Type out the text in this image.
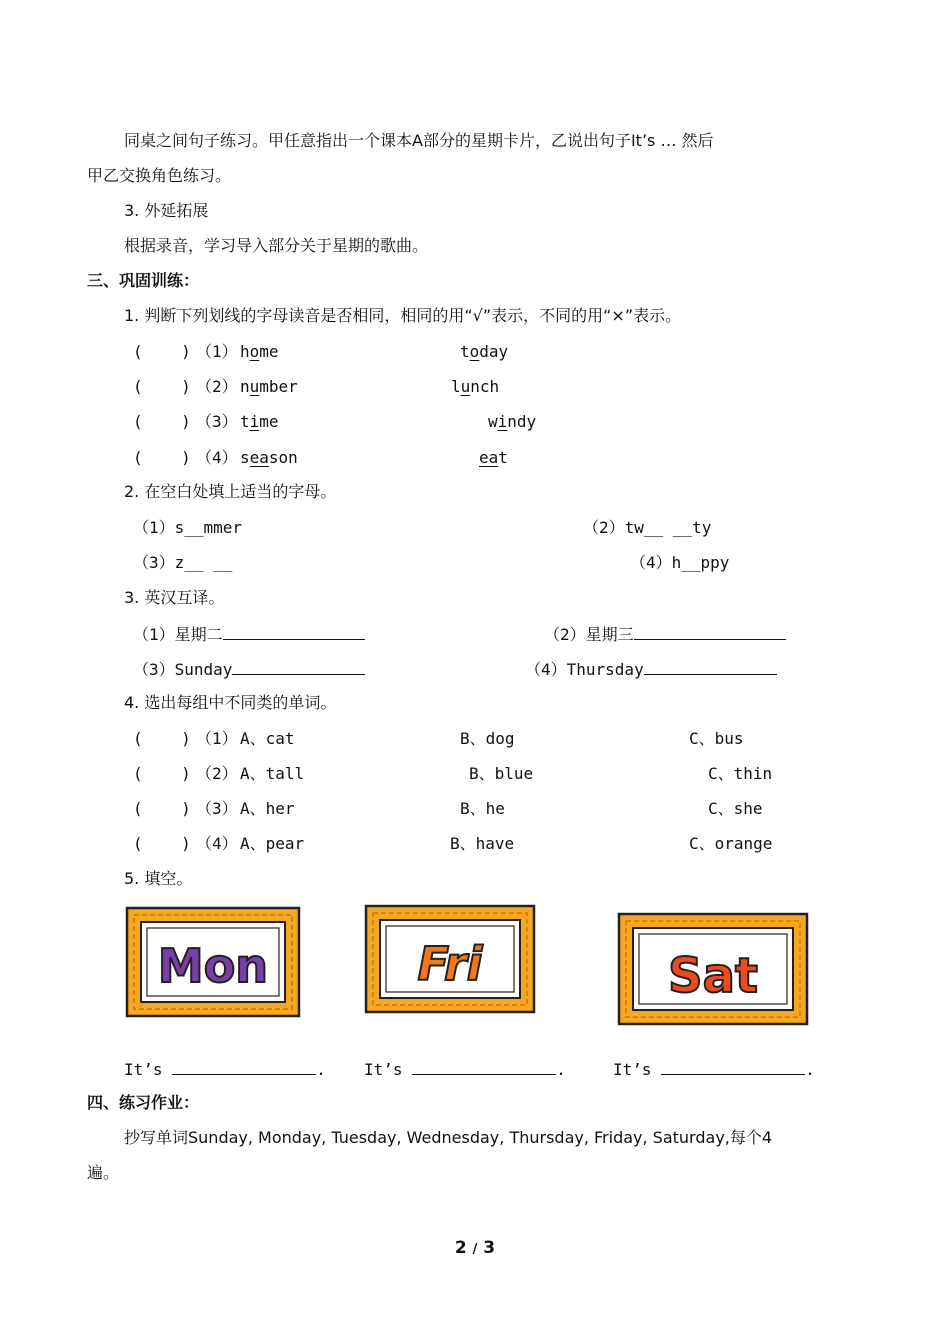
同桌之间句子练习。甲任意指出一个课本A部分的星期卡片，乙说出句子It’s … 然后
甲乙交换角色练习。
3. 外延拓展
根据录音，学习导入部分关于星期的歌曲。
三、巩固训练：
1. 判断下列划线的字母读音是否相同，相同的用“√”表示，不同的用“×”表示。
(    ) （1） home	today
(    ) （2） number	lunch
(    ) （3） time	windy
(    ) （4） season	eat
2. 在空白处填上适当的字母。
（1）s__mmer	（2）tw__ __ty
（3）z__ __	（4）h__ppy
3. 英汉互译。
（1）星期二	（2）星期三
（3）Sunday	（4）Thursday
4. 选出每组中不同类的单词。
(    ) （1） A、cat	B、dog	C、bus
(    ) （2） A、tall	B、blue	C、thin
(    ) （3） A、her	B、he	C、she
(    ) （4） A、pear	B、have	C、orange
5. 填空。
Mon	Fri	Sat
It’s	. It’s	.	It’s	.
四、练习作业：
抄写单词Sunday, Monday, Tuesday, Wednesday, Thursday, Friday, Saturday,每个4
遍。
2 / 3
